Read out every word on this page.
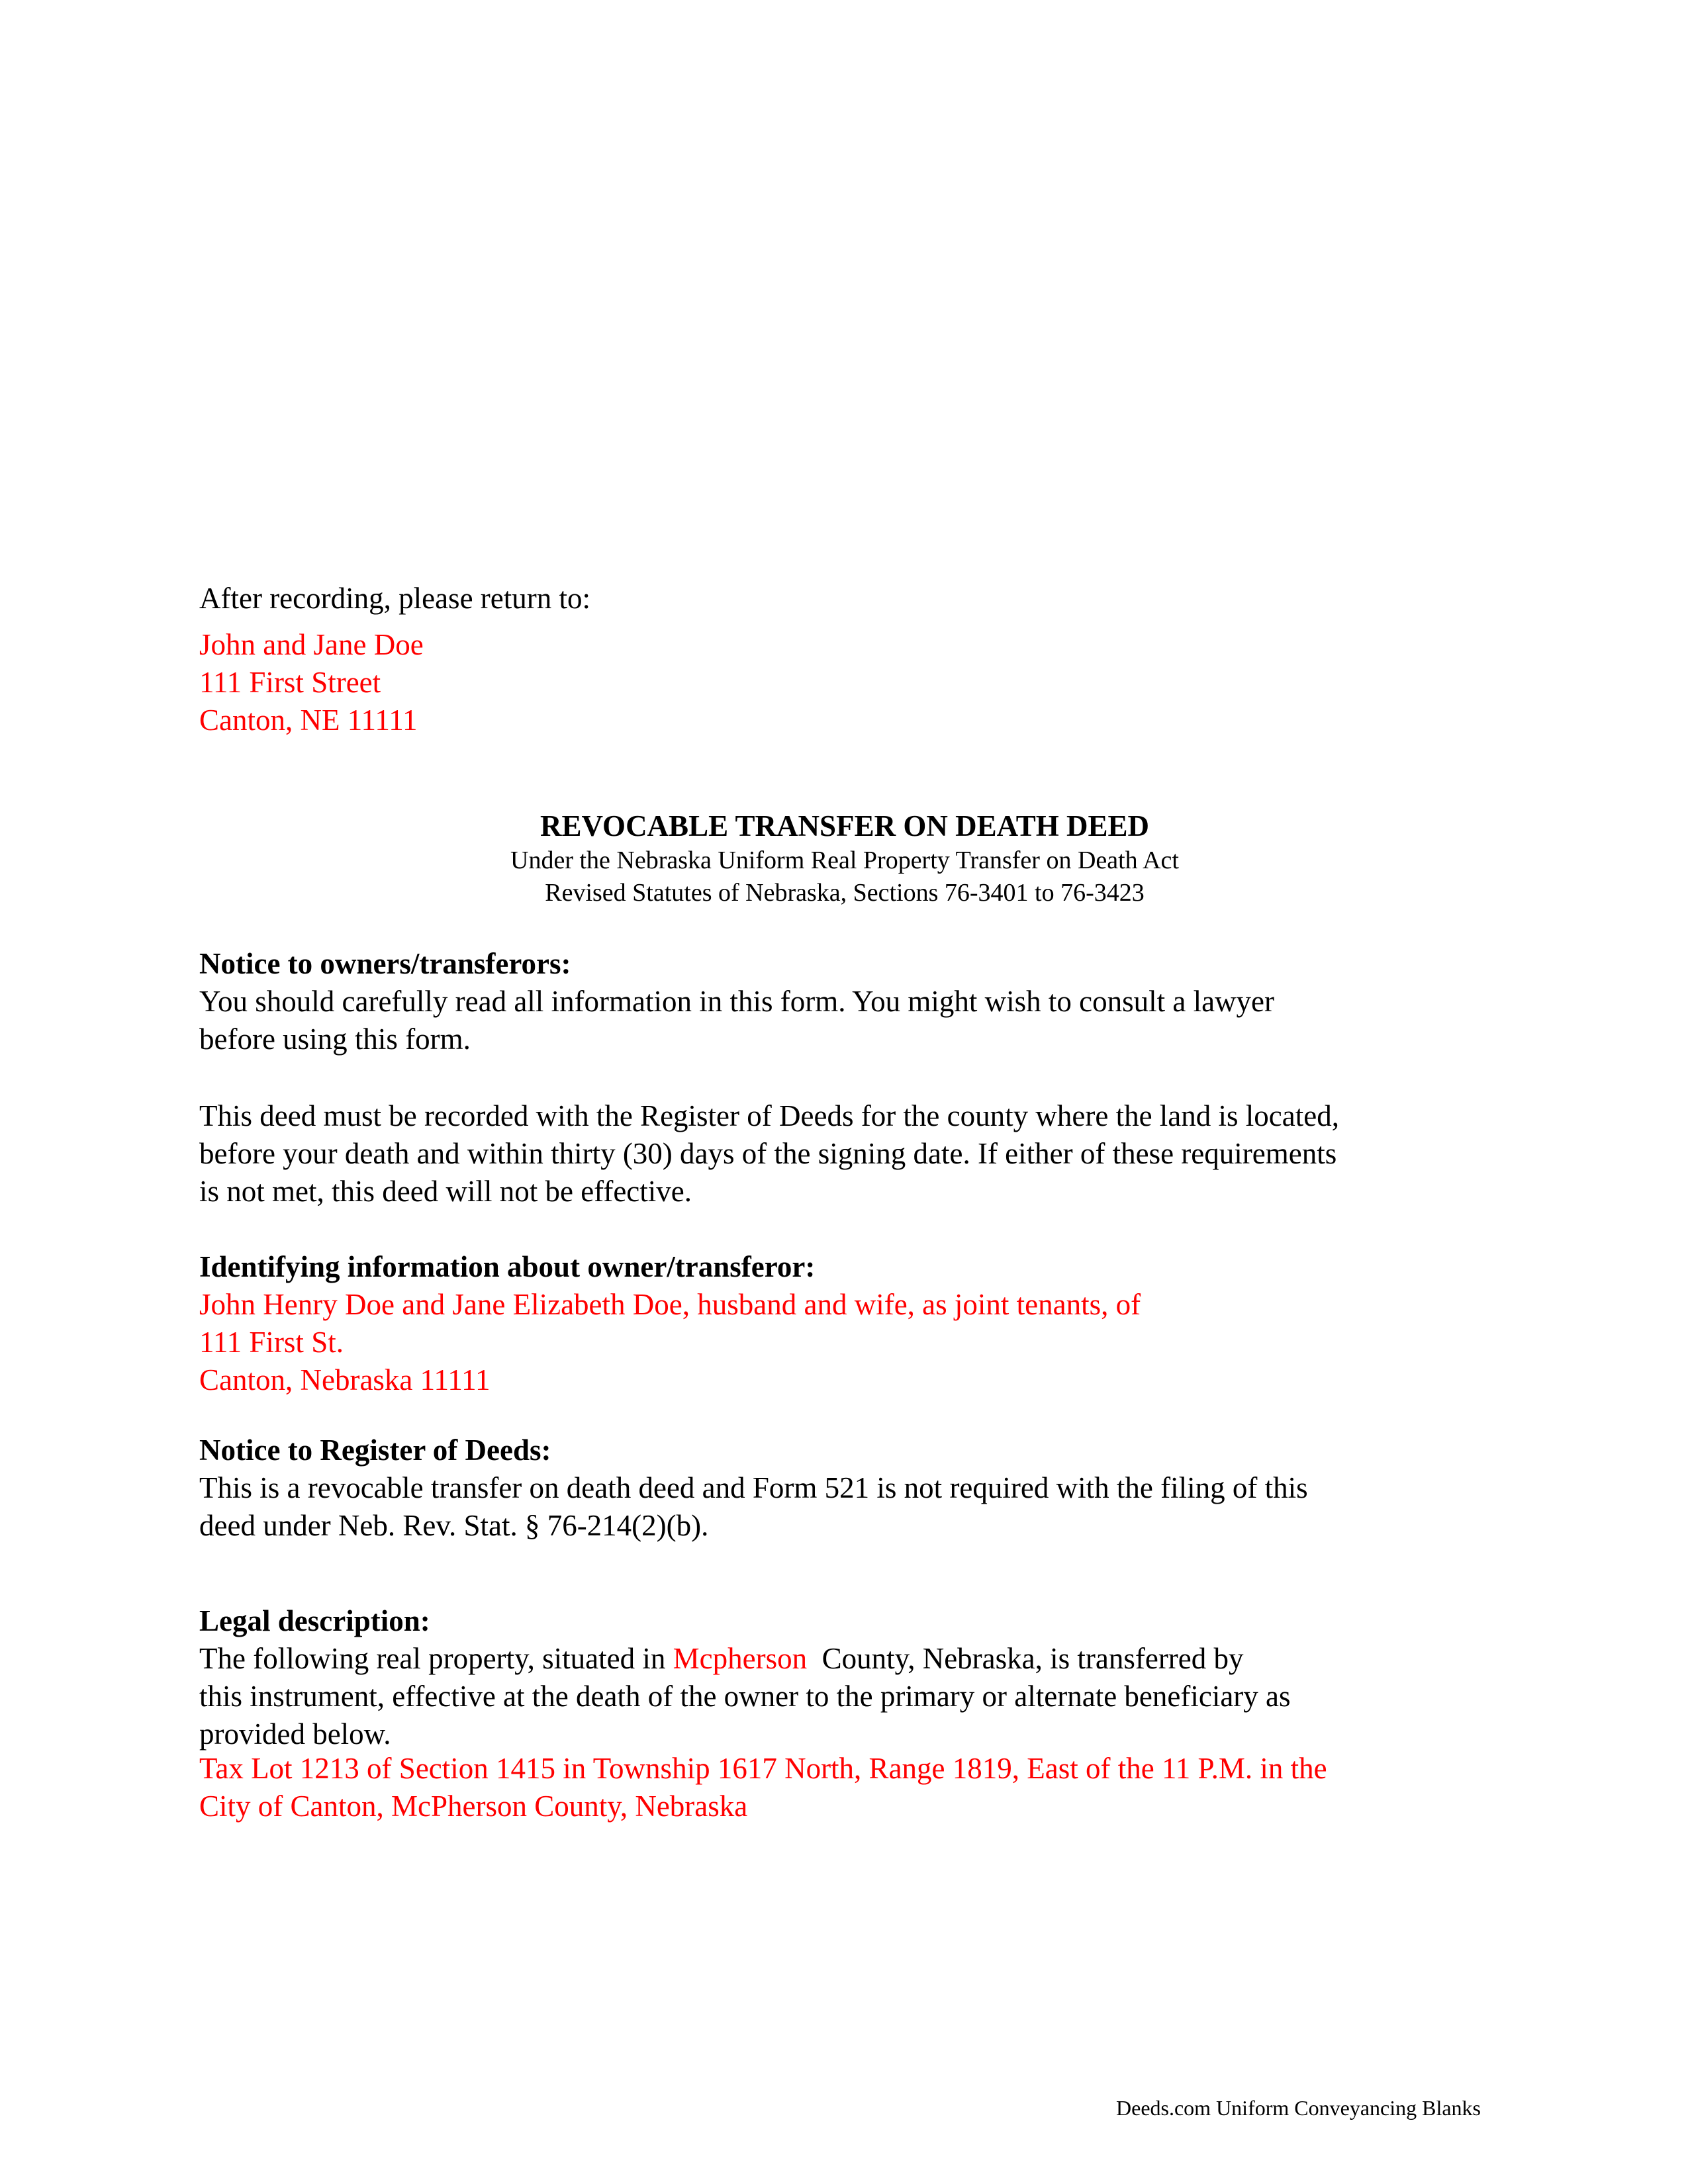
After recording, please return to:
John and Jane Doe
111 First Street
Canton, NE 11111
REVOCABLE TRANSFER ON DEATH DEED
Under the Nebraska Uniform Real Property Transfer on Death Act
Revised Statutes of Nebraska, Sections 76-3401 to 76-3423
Notice to owners/transferors:
You should carefully read all information in this form. You might wish to consult a lawyer
before using this form.
This deed must be recorded with the Register of Deeds for the county where the land is located,
before your death and within thirty (30) days of the signing date. If either of these requirements
is not met, this deed will not be effective.
Identifying information about owner/transferor:
John Henry Doe and Jane Elizabeth Doe, husband and wife, as joint tenants, of
111 First St.
Canton, Nebraska 11111
Notice to Register of Deeds:
This is a revocable transfer on death deed and Form 521 is not required with the filing of this
deed under Neb. Rev. Stat. § 76-214(2)(b).
Legal description:
The following real property, situated in Mcpherson  County, Nebraska, is transferred by
this instrument, effective at the death of the owner to the primary or alternate beneficiary as
provided below.
Tax Lot 1213 of Section 1415 in Township 1617 North, Range 1819, East of the 11 P.M. in the
City of Canton, McPherson County, Nebraska
Deeds.com Uniform Conveyancing Blanks
